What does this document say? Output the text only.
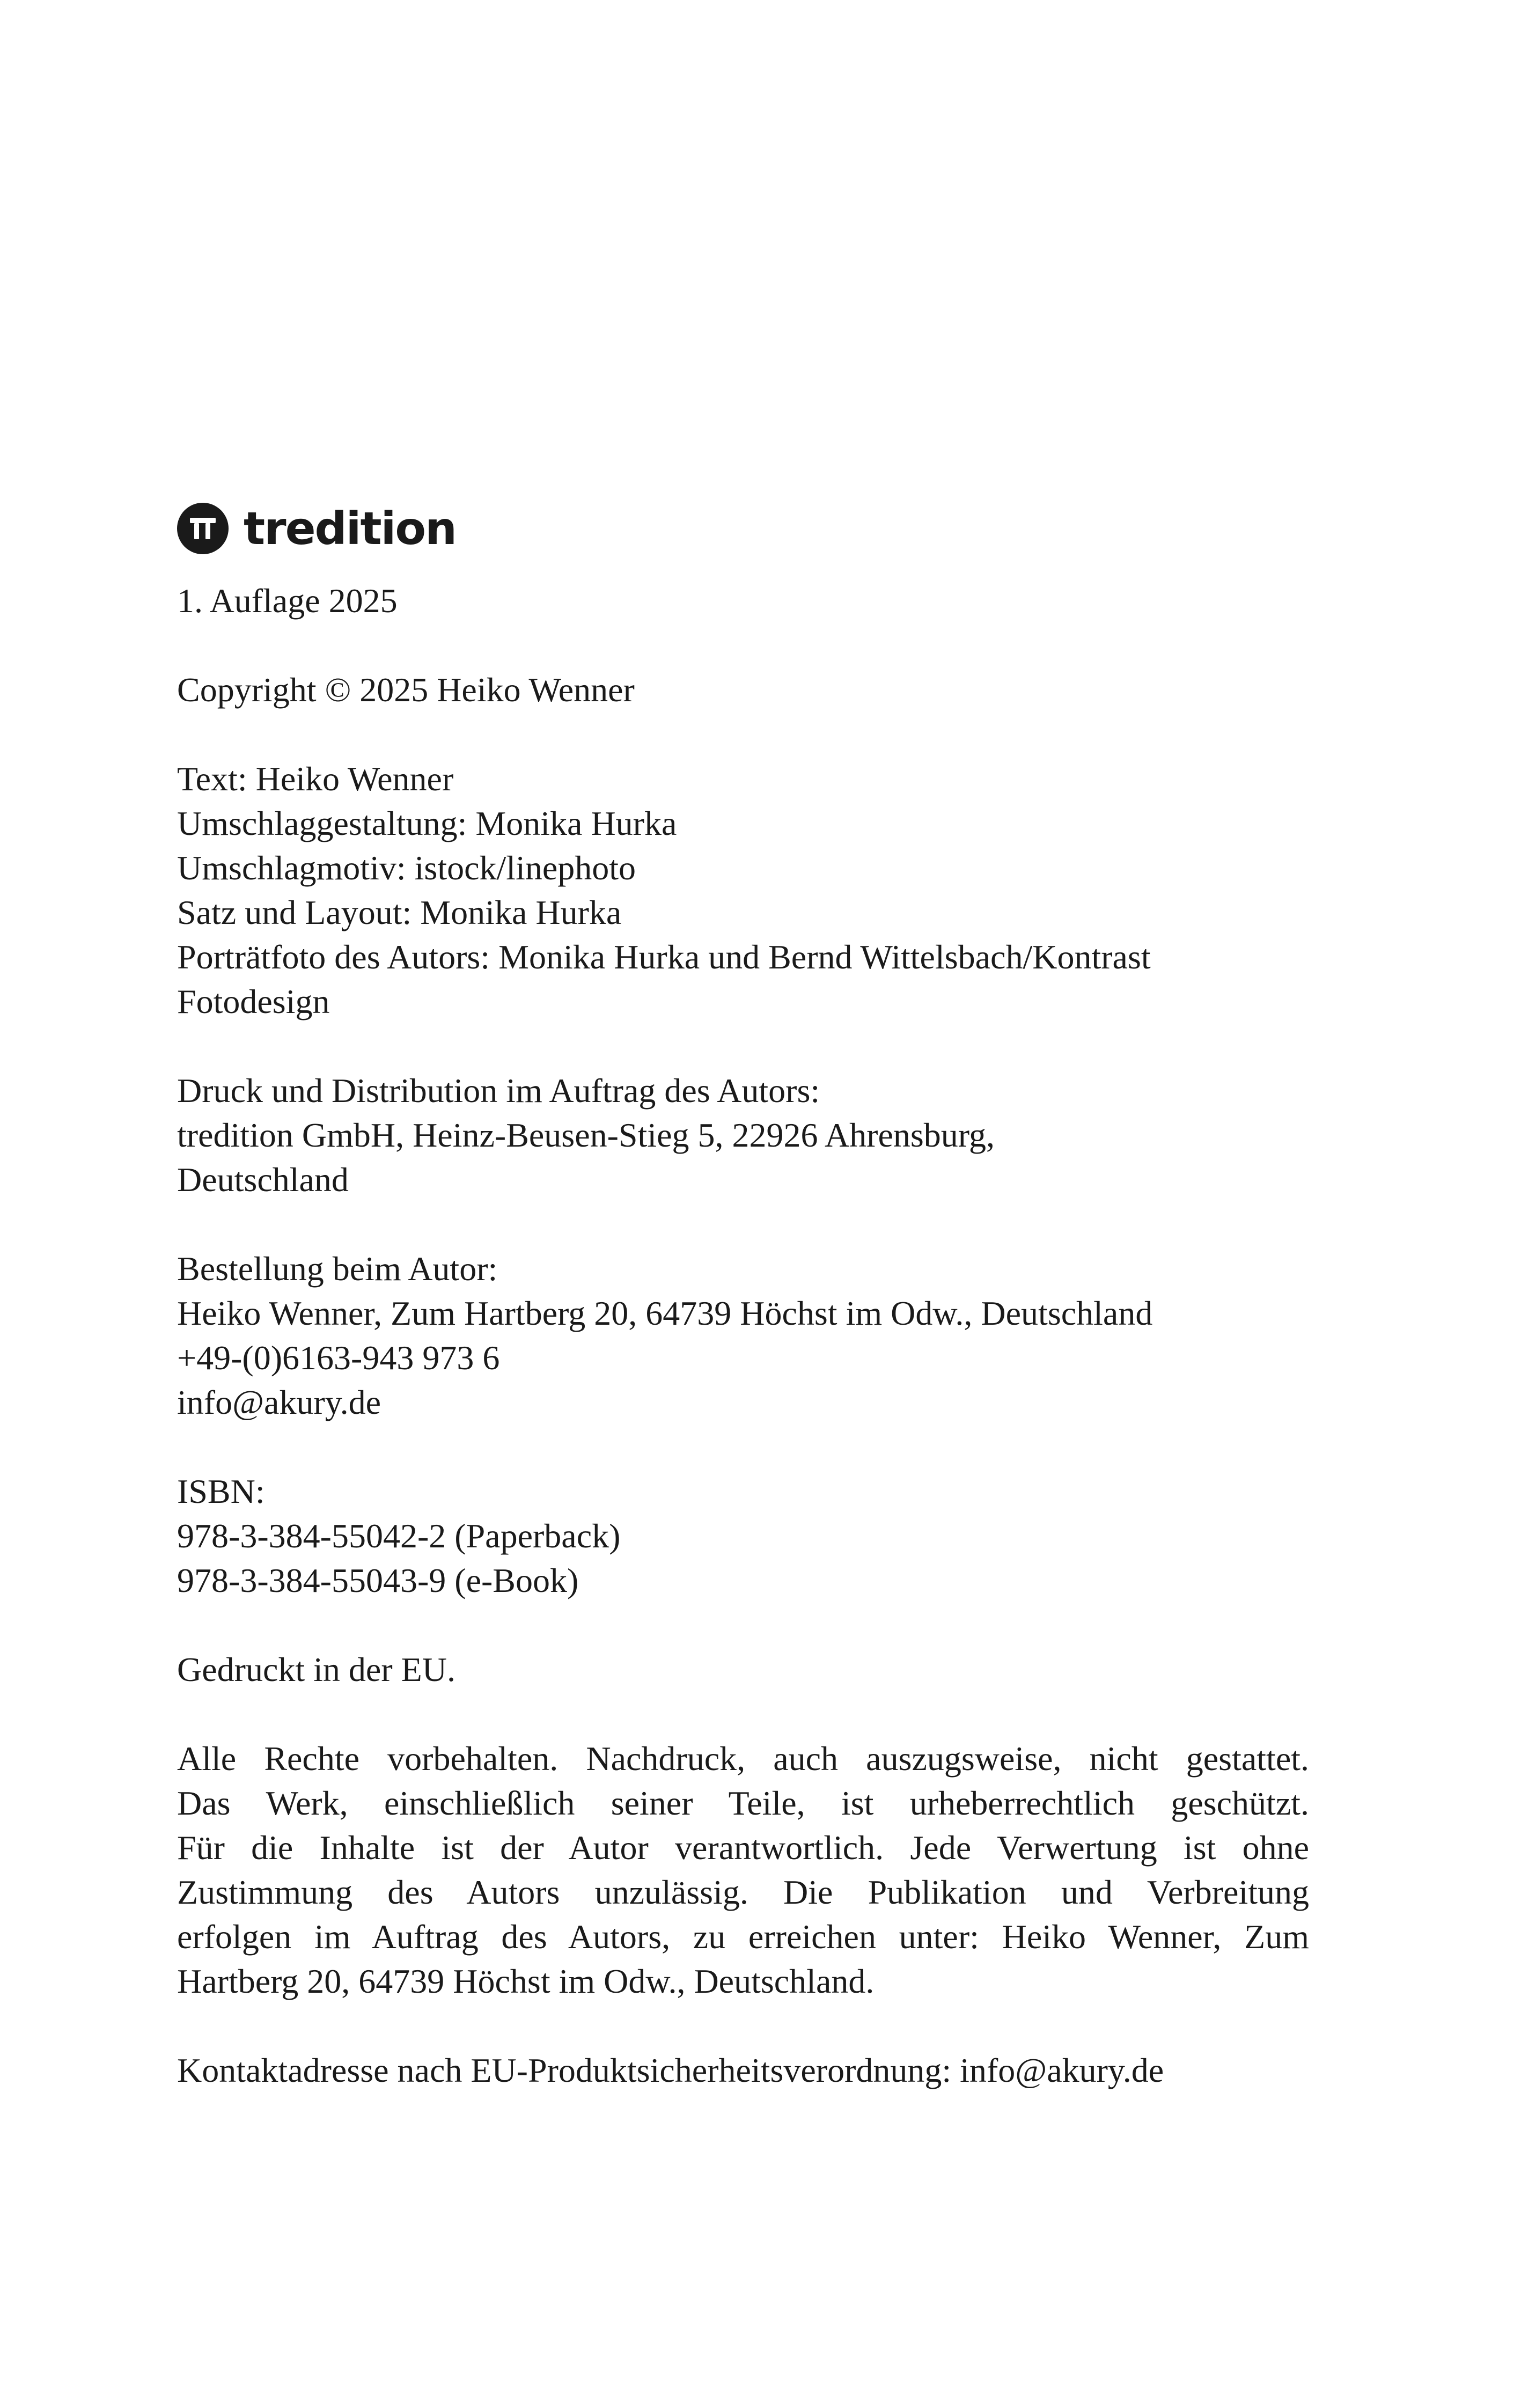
tredition
1. Auflage 2025
Copyright © 2025 Heiko Wenner
Text: Heiko Wenner
Umschlaggestaltung: Monika Hurka
Umschlagmotiv: istock/linephoto
Satz und Layout: Monika Hurka
Porträtfoto des Autors: Monika Hurka und Bernd Wittelsbach/Kontrast
Fotodesign
Druck und Distribution im Auftrag des Autors:
tredition GmbH, Heinz-Beusen-Stieg 5, 22926 Ahrensburg,
Deutschland
Bestellung beim Autor:
Heiko Wenner, Zum Hartberg 20, 64739 Höchst im Odw., Deutschland
+49-(0)6163-943 973 6
info@akury.de
ISBN:
978-3-384-55042-2 (Paperback)
978-3-384-55043-9 (e-Book)
Gedruckt in der EU.
Alle Rechte vorbehalten. Nachdruck, auch auszugsweise, nicht gestattet.
Das Werk, einschließlich seiner Teile, ist urheberrechtlich geschützt.
Für die Inhalte ist der Autor verantwortlich. Jede Verwertung ist ohne
Zustimmung des Autors unzulässig. Die Publikation und Verbreitung
erfolgen im Auftrag des Autors, zu erreichen unter: Heiko Wenner, Zum
Hartberg 20, 64739 Höchst im Odw., Deutschland.
Kontaktadresse nach EU-Produktsicherheitsverordnung: info@akury.de
